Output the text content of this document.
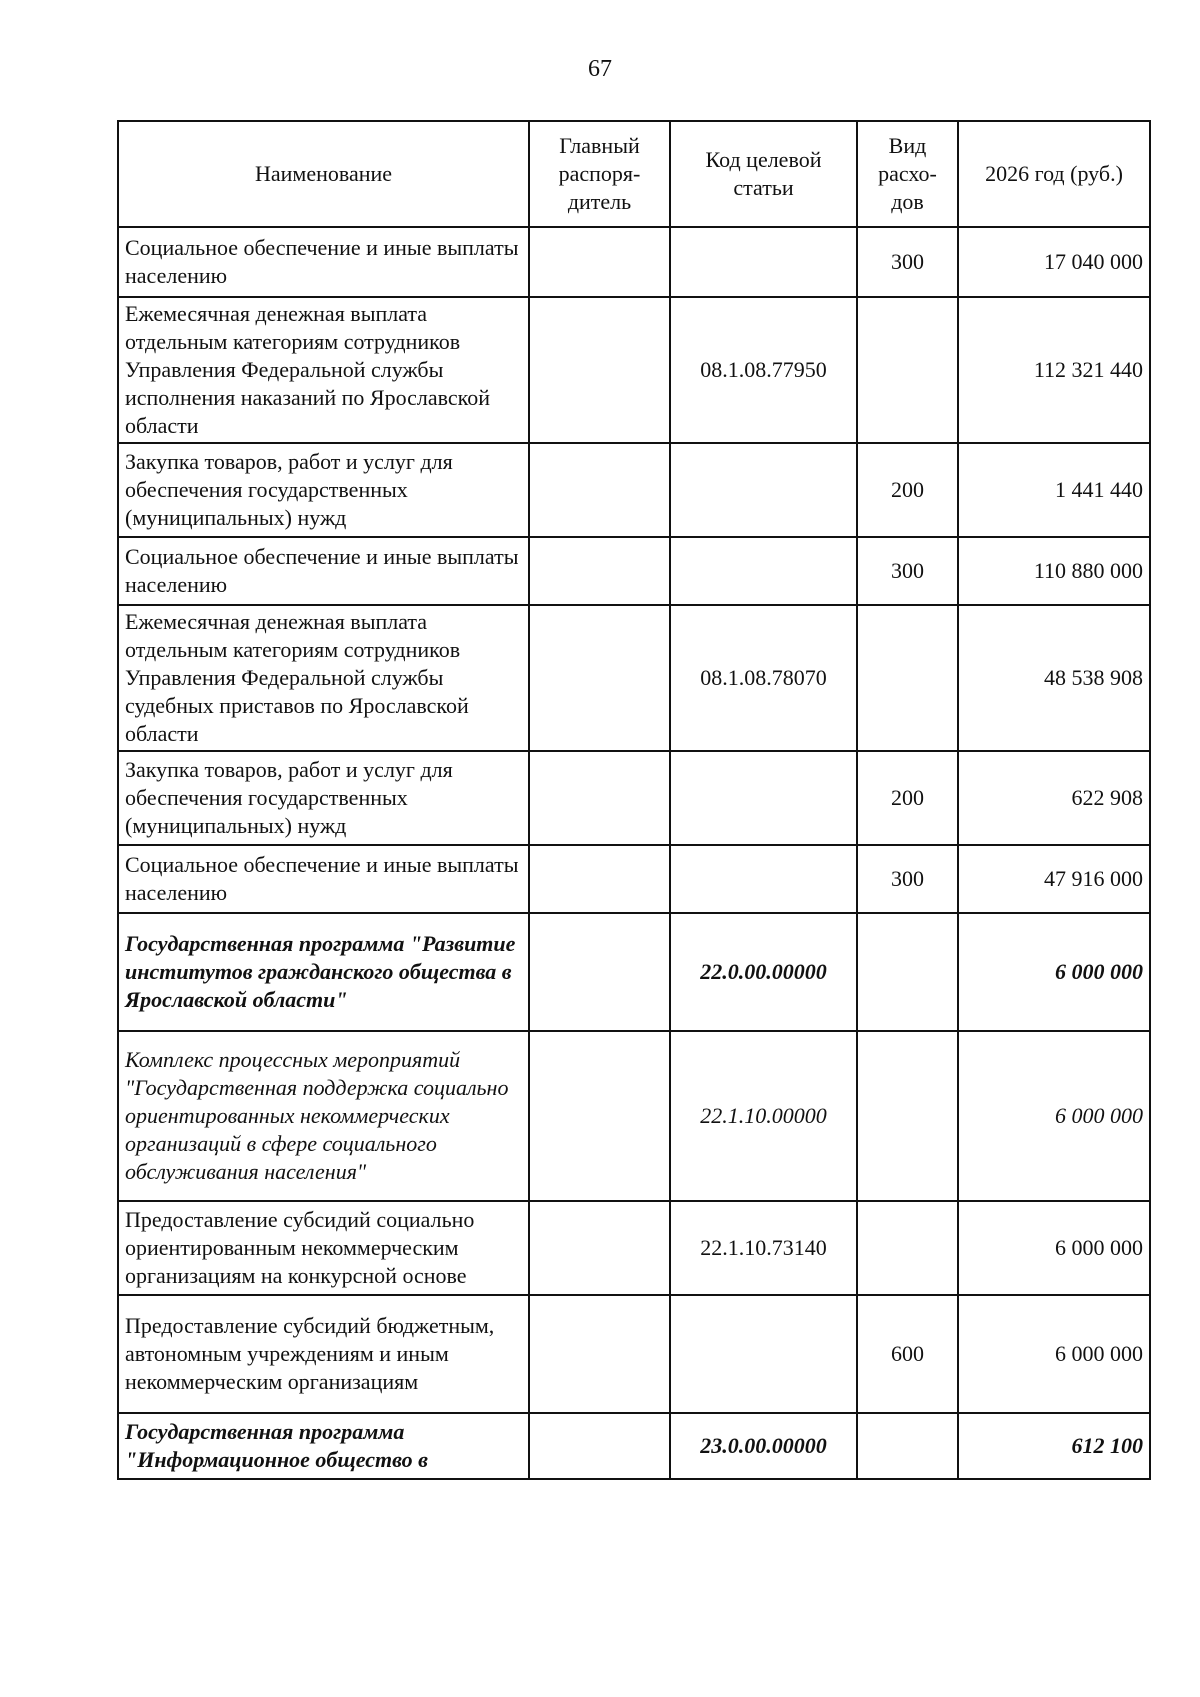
67
Наименование	Главный распоря-дитель	Код целевой статьи	Вид расхо-дов	2026 год (руб.)
Социальное обеспечение и иные выплаты населению			300	17 040 000
Ежемесячная денежная выплата отдельным категориям сотрудников Управления Федеральной службы исполнения наказаний по Ярославской области		08.1.08.77950		112 321 440
Закупка товаров, работ и услуг для обеспечения государственных (муниципальных) нужд			200	1 441 440
Социальное обеспечение и иные выплаты населению			300	110 880 000
Ежемесячная денежная выплата отдельным категориям сотрудников Управления Федеральной службы судебных приставов по Ярославской области		08.1.08.78070		48 538 908
Закупка товаров, работ и услуг для обеспечения государственных (муниципальных) нужд			200	622 908
Социальное обеспечение и иные выплаты населению			300	47 916 000
Государственная программа "Развитие институтов гражданского общества в Ярославской области"		22.0.00.00000		6 000 000
Комплекс процессных мероприятий "Государственная поддержка социально ориентированных некоммерческих организаций в сфере социального обслуживания населения"		22.1.10.00000		6 000 000
Предоставление субсидий социально ориентированным некоммерческим организациям на конкурсной основе		22.1.10.73140		6 000 000
Предоставление субсидий бюджетным, автономным учреждениям и иным некоммерческим организациям			600	6 000 000
Государственная программа "Информационное общество в		23.0.00.00000		612 100
